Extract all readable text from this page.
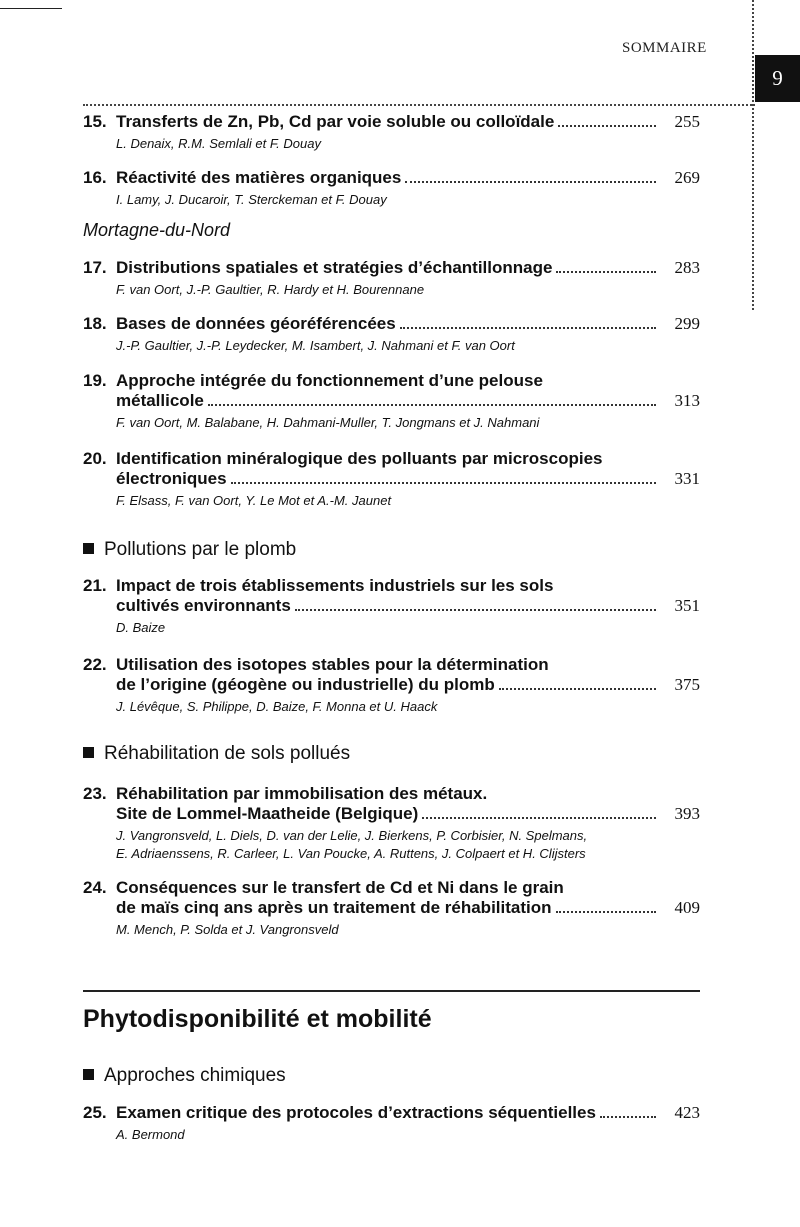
SOMMAIRE
9
15. Transferts de Zn, Pb, Cd par voie soluble ou colloïdale	255
L. Denaix, R.M. Semlali et F. Douay
16. Réactivité des matières organiques	269
I. Lamy, J. Ducaroir, T. Sterckeman et F. Douay
Mortagne-du-Nord
17. Distributions spatiales et stratégies d’échantillonnage	283
F. van Oort, J.-P. Gaultier, R. Hardy et H. Bourennane
18. Bases de données géoréférencées	299
J.-P. Gaultier, J.-P. Leydecker, M. Isambert, J. Nahmani et F. van Oort
19. Approche intégrée du fonctionnement d’une pelouse
métallicole	313
F. van Oort, M. Balabane, H. Dahmani-Muller, T. Jongmans et J. Nahmani
20. Identification minéralogique des polluants par microscopies
électroniques	331
F. Elsass, F. van Oort, Y. Le Mot et A.-M. Jaunet
Pollutions par le plomb
21. Impact de trois établissements industriels sur les sols
cultivés environnants	351
D. Baize
22. Utilisation des isotopes stables pour la détermination
de l’origine (géogène ou industrielle) du plomb	375
J. Lévêque, S. Philippe, D. Baize, F. Monna et U. Haack
Réhabilitation de sols pollués
23. Réhabilitation par immobilisation des métaux.
Site de Lommel-Maatheide (Belgique)	393
J. Vangronsveld, L. Diels, D. van der Lelie, J. Bierkens, P. Corbisier, N. Spelmans,
E. Adriaenssens, R. Carleer, L. Van Poucke, A. Ruttens, J. Colpaert et H. Clijsters
24. Conséquences sur le transfert de Cd et Ni dans le grain
de maïs cinq ans après un traitement de réhabilitation	409
M. Mench, P. Solda et J. Vangronsveld
Phytodisponibilité et mobilité
Approches chimiques
25. Examen critique des protocoles d’extractions séquentielles	423
A. Bermond
